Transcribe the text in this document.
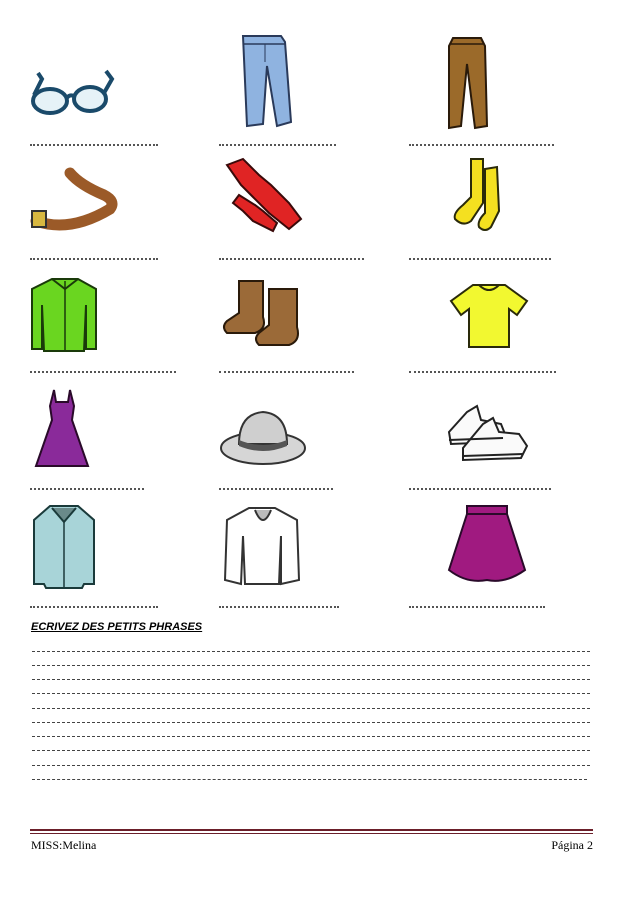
ECRIVEZ DES PETITS PHRASES
MISS:Melina	Página 2
